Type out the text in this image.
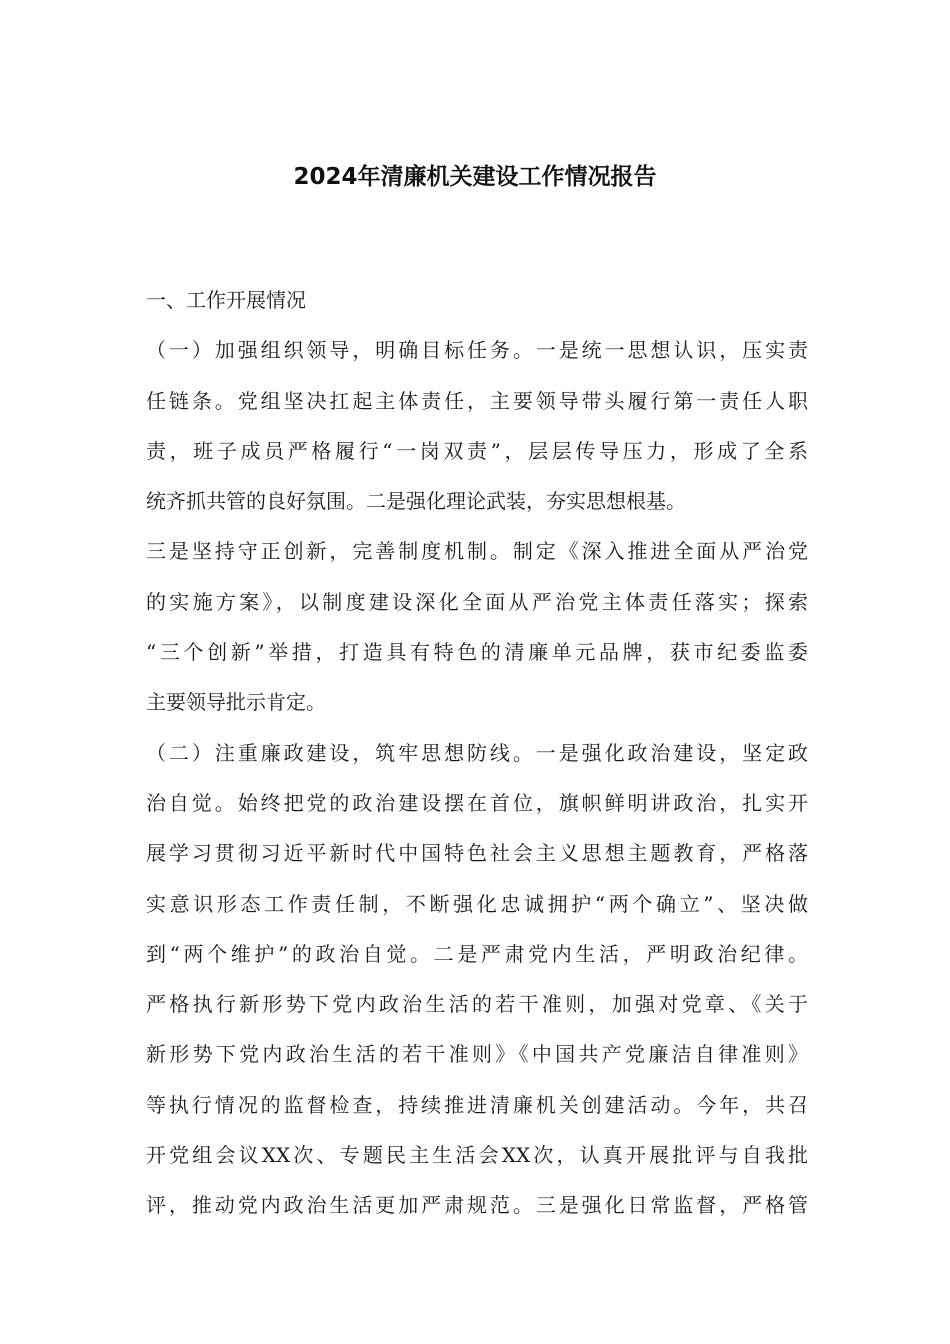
2024年清廉机关建设工作情况报告
一、工作开展情况
（一）加强组织领导，明确目标任务。一是统一思想认识，压实责
任链条。党组坚决扛起主体责任，主要领导带头履行第一责任人职
责，班子成员严格履行“一岗双责”，层层传导压力，形成了全系
统齐抓共管的良好氛围。二是强化理论武装，夯实思想根基。
三是坚持守正创新，完善制度机制。制定《深入推进全面从严治党
的实施方案》，以制度建设深化全面从严治党主体责任落实；探索
“三个创新”举措，打造具有特色的清廉单元品牌，获市纪委监委
主要领导批示肯定。
（二）注重廉政建设，筑牢思想防线。一是强化政治建设，坚定政
治自觉。始终把党的政治建设摆在首位，旗帜鲜明讲政治，扎实开
展学习贯彻习近平新时代中国特色社会主义思想主题教育，严格落
实意识形态工作责任制，不断强化忠诚拥护“两个确立”、坚决做
到“两个维护”的政治自觉。二是严肃党内生活，严明政治纪律。
严格执行新形势下党内政治生活的若干准则，加强对党章、《关于
新形势下党内政治生活的若干准则》《中国共产党廉洁自律准则》
等执行情况的监督检查，持续推进清廉机关创建活动。今年，共召
开党组会议XX次、专题民主生活会XX次，认真开展批评与自我批
评，推动党内政治生活更加严肃规范。三是强化日常监督，严格管
